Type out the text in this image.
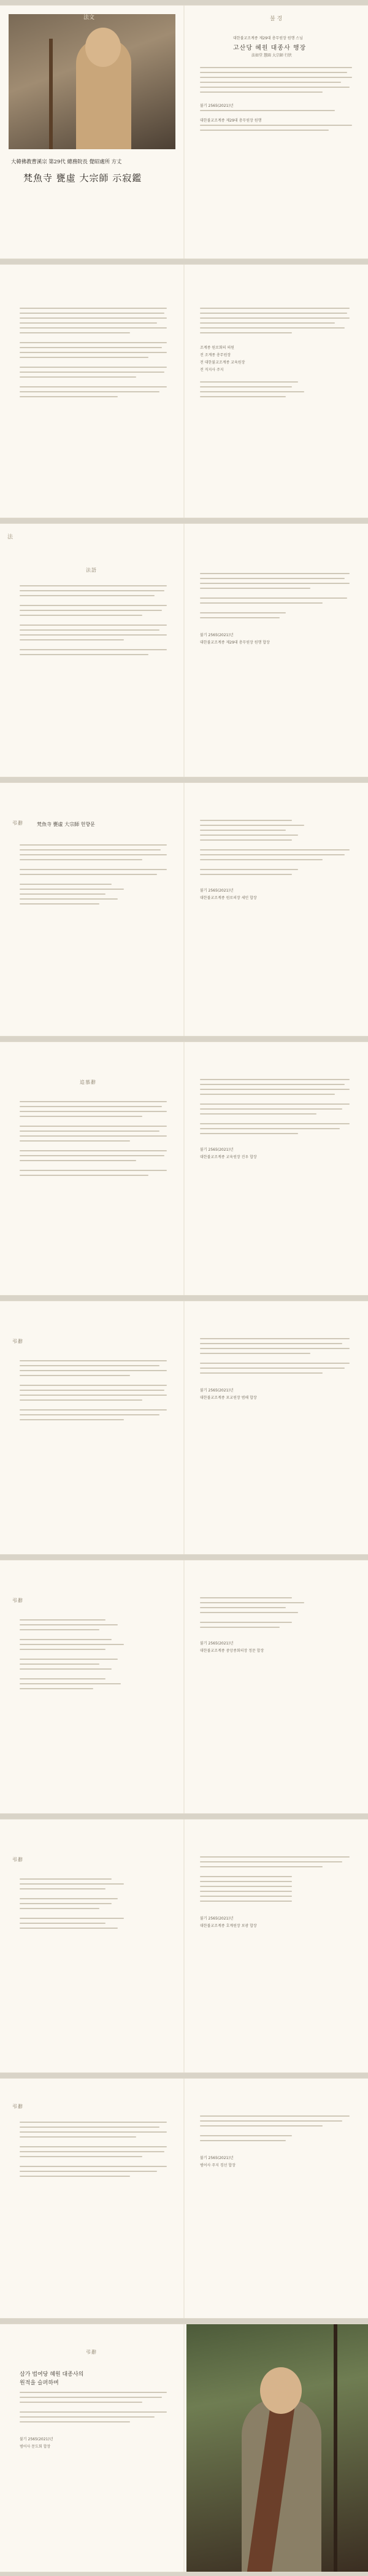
法文
大韓佛教曹溪宗 第29代 總務院長 覺昭處所 方丈
梵魚寺 甕虛 大宗師 示寂鑑
불 경
대한불교조계종 제29대 총무원장 원행 스님
고산당 혜원 대종사 행장
法如堂 慧圓 大宗師 行狀
불기 2565(2021)년
대한불교조계종 제29대 총무원장 원행
조계종 원로회의 의원
전 조계종 총무원장
전 대한불교조계종 교육원장
전 직지사 주지
法
法語
불기 2565(2021)년
대한불교조계종 제29대 총무원장 원행 합장
弔辭	梵魚寺 甕虛 大宗師 헌향문
불기 2565(2021)년
대한불교조계종 원로의장 세민 합장
追慕辭
불기 2565(2021)년
대한불교조계종 교육원장 진우 합장
弔辭
불기 2565(2021)년
대한불교조계종 포교원장 범해 합장
弔辭
불기 2565(2021)년
대한불교조계종 중앙종회의장 정문 합장
弔辭
불기 2565(2021)년
대한불교조계종 호계원장 보광 합장
弔辭
불기 2565(2021)년
범어사 주지 경선 합장
弔辭
삼가 법여당 혜원 대종사의
원적을 슬퍼하며
불기 2565(2021)년
범어사 문도회 합장
